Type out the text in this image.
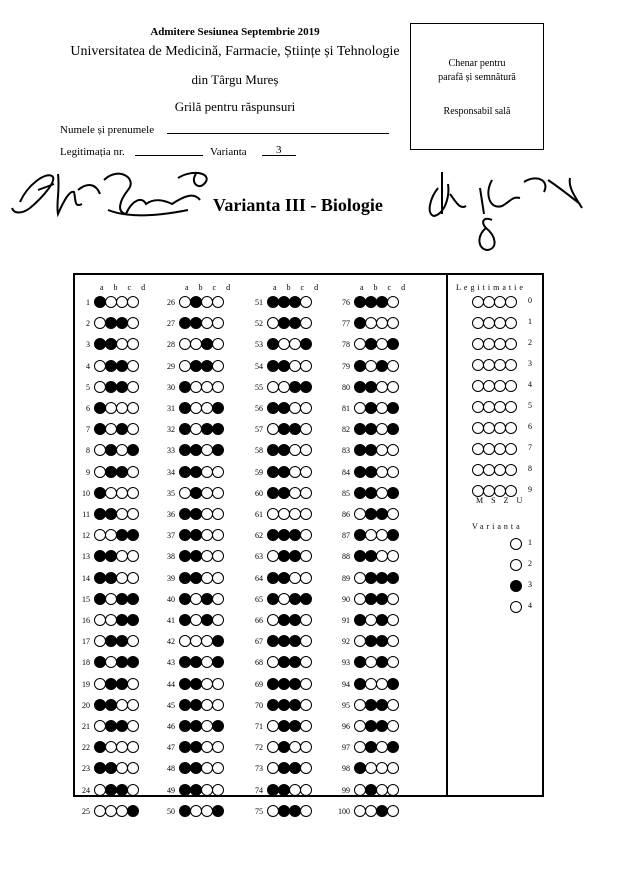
Admitere Sesiunea Septembrie 2019
Universitatea de Medicină, Farmacie, Științe și Tehnologie
din Târgu Mureș
Grilă pentru răspunsuri
Chenar pentru
parafă și semnătură
Responsabil sală
Numele și prenumele
Legitimația nr.	Varianta	3
Varianta III - Biologie
a b c d
1
2
3
4
5
6
7
8
9
10
11
12
13
14
15
16
17
18
19
20
21
22
23
24
25
a b c d
26
27
28
29
30
31
32
33
34
35
36
37
38
39
40
41
42
43
44
45
46
47
48
49
50
a b c d
51
52
53
54
55
56
57
58
59
60
61
62
63
64
65
66
67
68
69
70
71
72
73
74
75
a b c d
76
77
78
79
80
81
82
83
84
85
86
87
88
89
90
91
92
93
94
95
96
97
98
99
100
Legitimatie
0
1
2
3
4
5
6
7
8
9
M S Z U
Varianta
1
2
3
4
